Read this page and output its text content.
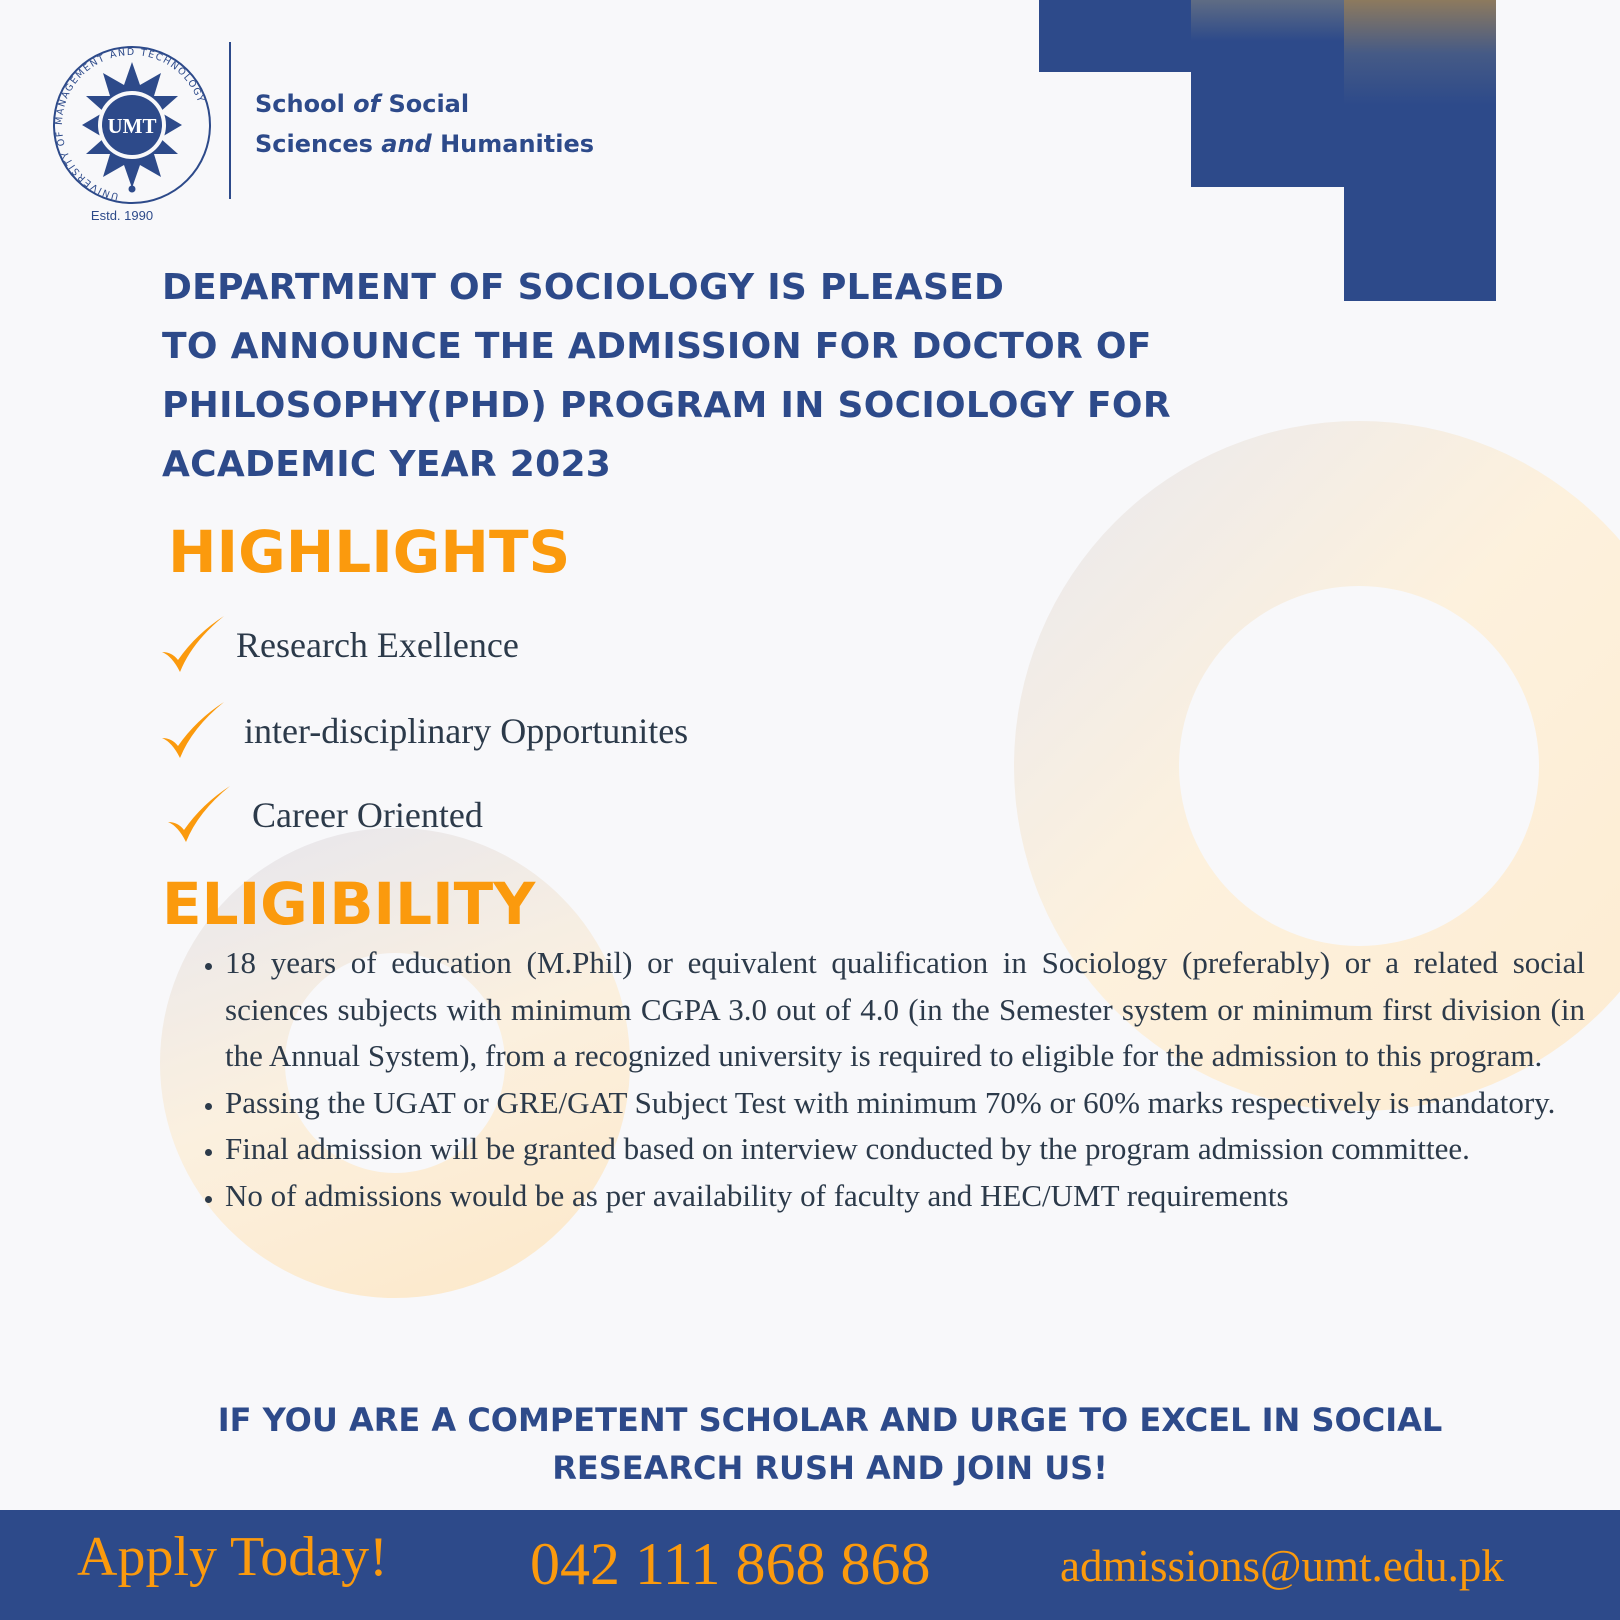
UNIVERSITY OF MANAGEMENT AND TECHNOLOGY
UMT
Estd. 1990
School of Social
Sciences and Humanities
DEPARTMENT OF SOCIOLOGY IS PLEASED
TO ANNOUNCE THE ADMISSION FOR DOCTOR OF
PHILOSOPHY(PHD) PROGRAM IN SOCIOLOGY FOR
ACADEMIC YEAR 2023
HIGHLIGHTS
Research Exellence
inter-disciplinary Opportunites
Career Oriented
ELIGIBILITY
• 18 years of education (M.Phil) or equivalent qualification in Sociology (preferably) or a related social sciences subjects with minimum CGPA 3.0 out of 4.0 (in the Semester system or minimum first division (in the Annual System), from a recognized university is required to eligible for the admission to this program.
• Passing the UGAT or GRE/GAT Subject Test with minimum 70% or 60% marks respectively is mandatory.
• Final admission will be granted based on interview conducted by the program admission committee.
• No of admissions would be as per availability of faculty and HEC/UMT requirements
IF YOU ARE A COMPETENT SCHOLAR AND URGE TO EXCEL IN SOCIAL
RESEARCH RUSH AND JOIN US!
Apply Today! 042 111 868 868	admissions@umt.edu.pk
